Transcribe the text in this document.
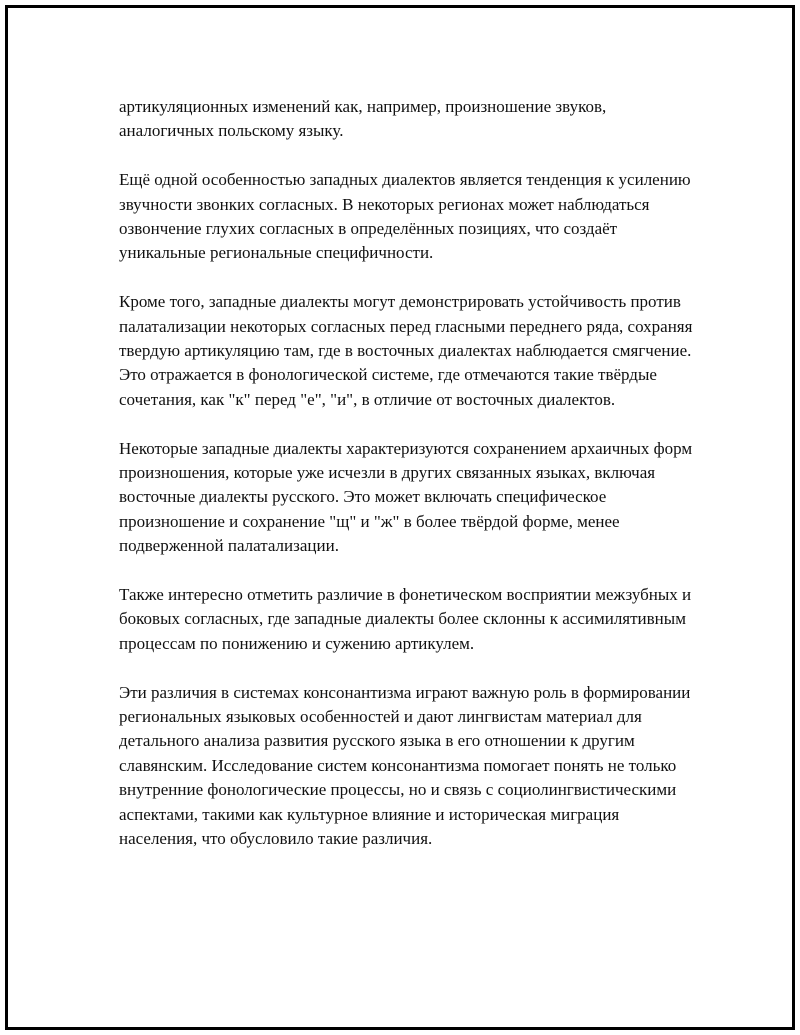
артикуляционных изменений как, например, произношение звуков, аналогичных польскому языку.

Ещё одной особенностью западных диалектов является тенденция к усилению звучности звонких согласных. В некоторых регионах может наблюдаться озвончение глухих согласных в определённых позициях, что создаёт уникальные региональные специфичности.

Кроме того, западные диалекты могут демонстрировать устойчивость против палатализации некоторых согласных перед гласными переднего ряда, сохраняя твердую артикуляцию там, где в восточных диалектах наблюдается смягчение. Это отражается в фонологической системе, где отмечаются такие твёрдые сочетания, как "к" перед "е", "и", в отличие от восточных диалектов.

Некоторые западные диалекты характеризуются сохранением архаичных форм произношения, которые уже исчезли в других связанных языках, включая восточные диалекты русского. Это может включать специфическое произношение и сохранение "щ" и "ж" в более твёрдой форме, менее подверженной палатализации.

Также интересно отметить различие в фонетическом восприятии межзубных и боковых согласных, где западные диалекты более склонны к ассимилятивным процессам по понижению и сужению артикулем.

Эти различия в системах консонантизма играют важную роль в формировании региональных языковых особенностей и дают лингвистам материал для детального анализа развития русского языка в его отношении к другим славянским. Исследование систем консонантизма помогает понять не только внутренние фонологические процессы, но и связь с социолингвистическими аспектами, такими как культурное влияние и историческая миграция населения, что обусловило такие различия.
